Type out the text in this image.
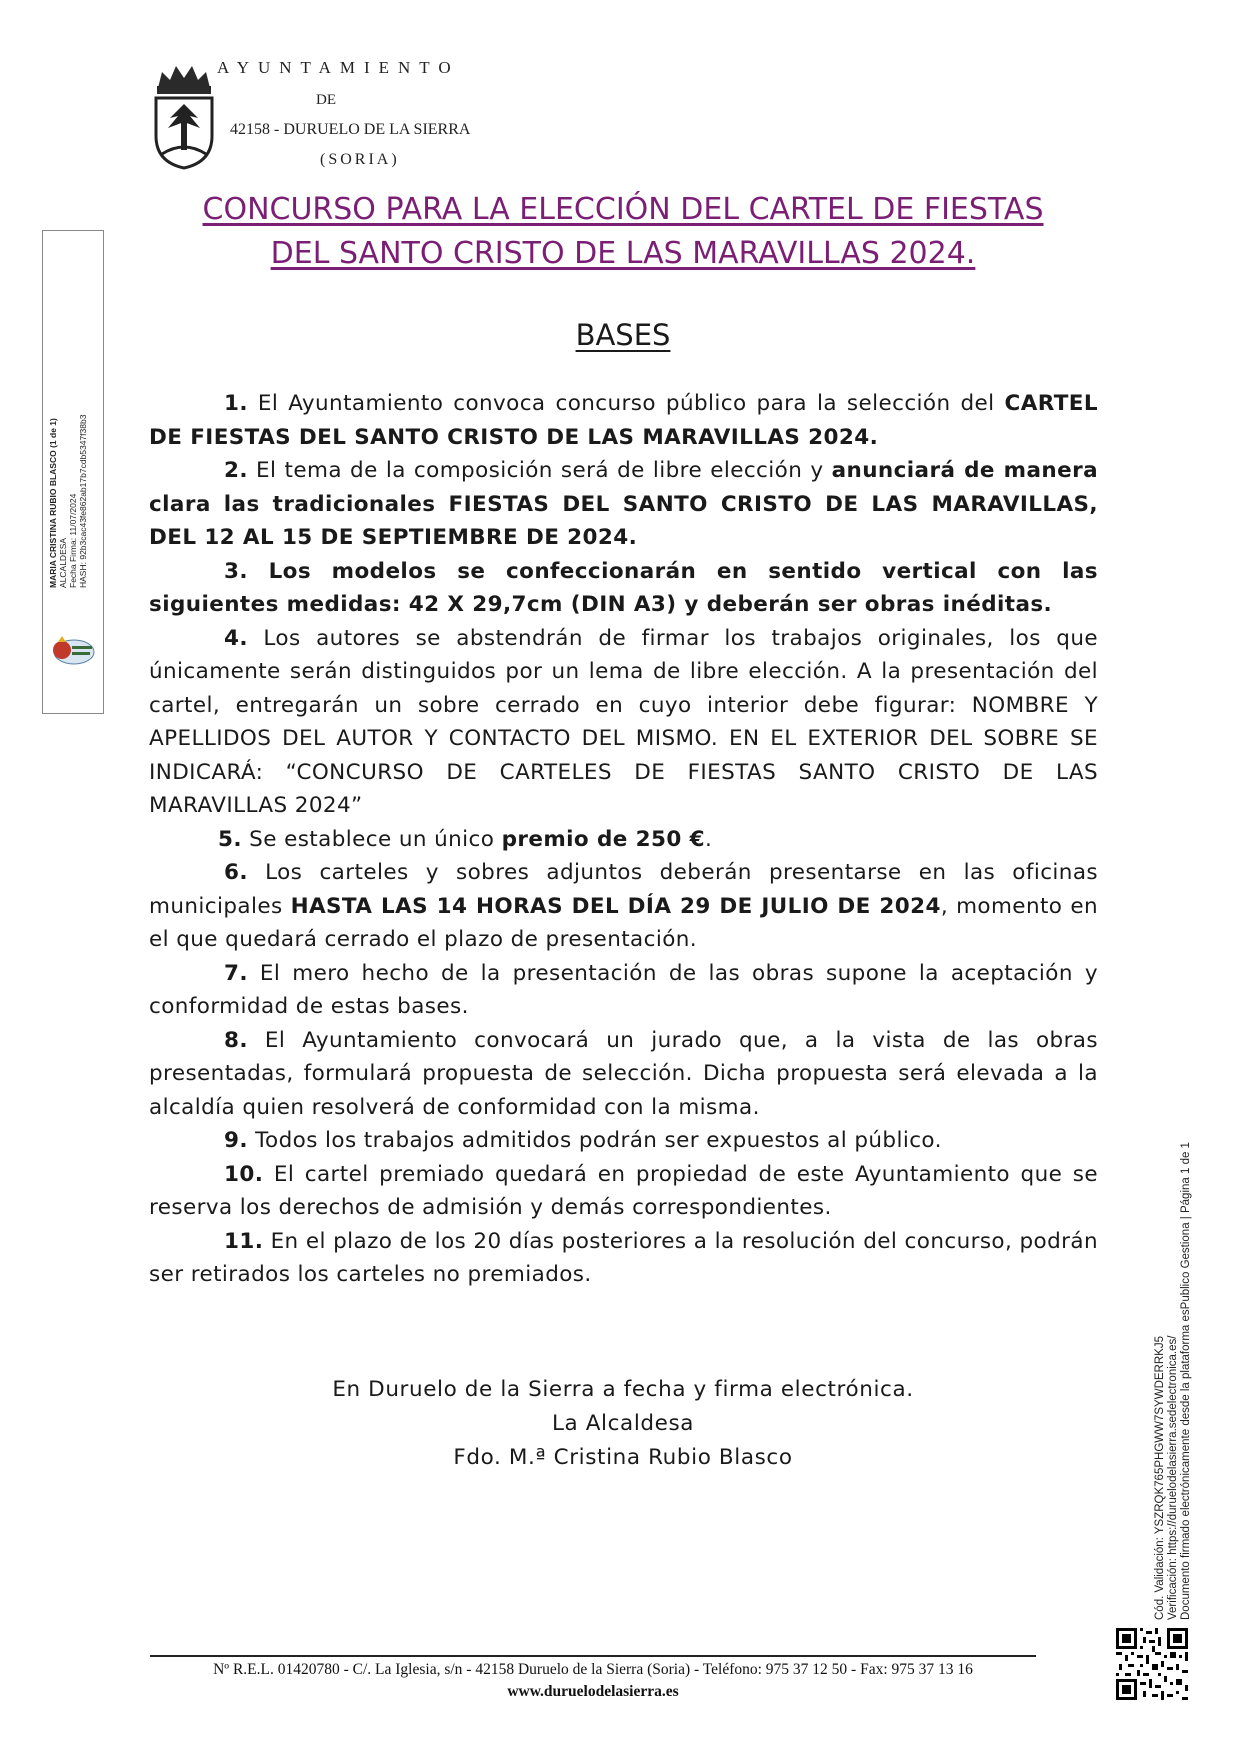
AYUNTAMIENTO
DE
42158 - DURUELO DE LA SIERRA
(SORIA)
CONCURSO PARA LA ELECCIÓN DEL CARTEL DE FIESTAS
DEL SANTO CRISTO DE LAS MARAVILLAS 2024.
BASES

1. El Ayuntamiento convoca concurso público para la selección del CARTEL DE FIESTAS DEL SANTO CRISTO DE LAS MARAVILLAS 2024.

2. El tema de la composición será de libre elección y anunciará de manera clara las tradicionales FIESTAS DEL SANTO CRISTO DE LAS MARAVILLAS, DEL 12 AL 15 DE SEPTIEMBRE DE 2024.

3. Los modelos se confeccionarán en sentido vertical con las siguientes medidas: 42 X 29,7cm (DIN A3) y deberán ser obras inéditas.

4. Los autores se abstendrán de firmar los trabajos originales, los que únicamente serán distinguidos por un lema de libre elección. A la presentación del cartel, entregarán un sobre cerrado en cuyo interior debe figurar: NOMBRE Y APELLIDOS DEL AUTOR Y CONTACTO DEL MISMO. EN EL EXTERIOR DEL SOBRE SE INDICARÁ: “CONCURSO DE CARTELES DE FIESTAS SANTO CRISTO DE LAS MARAVILLAS 2024”

5. Se establece un único premio de 250 €.

6. Los carteles y sobres adjuntos deberán presentarse en las oficinas municipales HASTA LAS 14 HORAS DEL DÍA 29 DE JULIO DE 2024, momento en el que quedará cerrado el plazo de presentación.

7. El mero hecho de la presentación de las obras supone la aceptación y conformidad de estas bases.

8. El Ayuntamiento convocará un jurado que, a la vista de las obras presentadas, formulará propuesta de selección. Dicha propuesta será elevada a la alcaldía quien resolverá de conformidad con la misma.

9. Todos los trabajos admitidos podrán ser expuestos al público.

10. El cartel premiado quedará en propiedad de este Ayuntamiento que se reserva los derechos de admisión y demás correspondientes.

11. En el plazo de los 20 días posteriores a la resolución del concurso, podrán ser retirados los carteles no premiados.

En Duruelo de la Sierra a fecha y firma electrónica.
La Alcaldesa
Fdo. M.ª Cristina Rubio Blasco
Nº R.E.L. 01420780 - C/. La Iglesia, s/n - 42158 Duruelo de la Sierra (Soria) - Teléfono: 975 37 12 50 - Fax: 975 37 13 16
www.duruelodelasierra.es
MARIA CRISTINA RUBIO BLASCO (1 de 1) ALCALDESA Fecha Firma: 11/07/2024 HASH: 92b3cac43fe862ab17b7cdb5347f38b3
Cód. Validación: YSZRQK765PHGWW7SYWDERRKJ5 Verificación: https://duruelodelasierra.sedelectronica.es/ Documento firmado electrónicamente desde la plataforma esPublico Gestiona | Página 1 de 1
